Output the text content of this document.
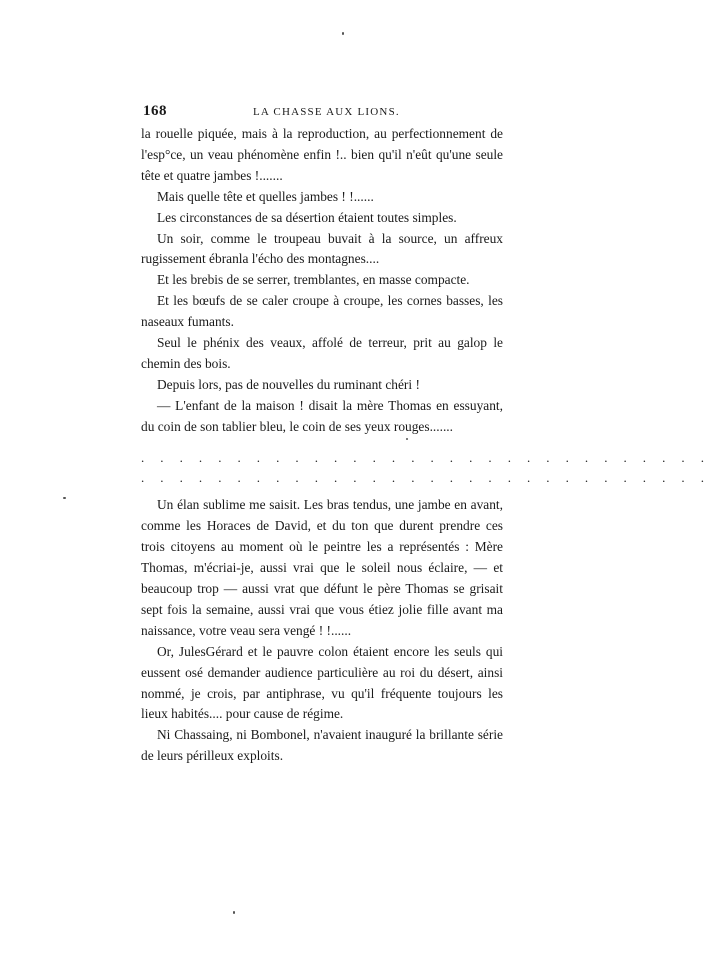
168	LA CHASSE AUX LIONS.

la rouelle piquée, mais à la reproduction, au perfectionnement de l'esp°ce, un veau phénomène enfin !.. bien qu'il n'eût qu'une seule tête et quatre jambes !.......

Mais quelle tête et quelles jambes ! !......

Les circonstances de sa désertion étaient toutes simples.

Un soir, comme le troupeau buvait à la source, un affreux rugissement ébranla l'écho des montagnes....

Et les brebis de se serrer, tremblantes, en masse compacte.

Et les bœufs de se caler croupe à croupe, les cornes basses, les naseaux fumants.

Seul le phénix des veaux, affolé de terreur, prit au galop le chemin des bois.

Depuis lors, pas de nouvelles du ruminant chéri !

— L'enfant de la maison ! disait la mère Thomas en essuyant, du coin de son tablier bleu, le coin de ses yeux rouges.......

. . . . . . . . . . . . . . . . . . . . . . . . . . . . . .

. . . . . . . . . . . . . . . . . . . . . . . . . . . . . .

Un élan sublime me saisit. Les bras tendus, une jambe en avant, comme les Horaces de David, et du ton que durent prendre ces trois citoyens au moment où le peintre les a représentés : Mère Thomas, m'écriai-je, aussi vrai que le soleil nous éclaire, — et beaucoup trop — aussi vrat que défunt le père Thomas se grisait sept fois la semaine, aussi vrai que vous étiez jolie fille avant ma naissance, votre veau sera vengé ! !......

Or, JulesGérard et le pauvre colon étaient encore les seuls qui eussent osé demander audience particulière au roi du désert, ainsi nommé, je crois, par antiphrase, vu qu'il fréquente toujours les lieux habités.... pour cause de régime.

Ni Chassaing, ni Bombonel, n'avaient inauguré la brillante série de leurs périlleux exploits.
